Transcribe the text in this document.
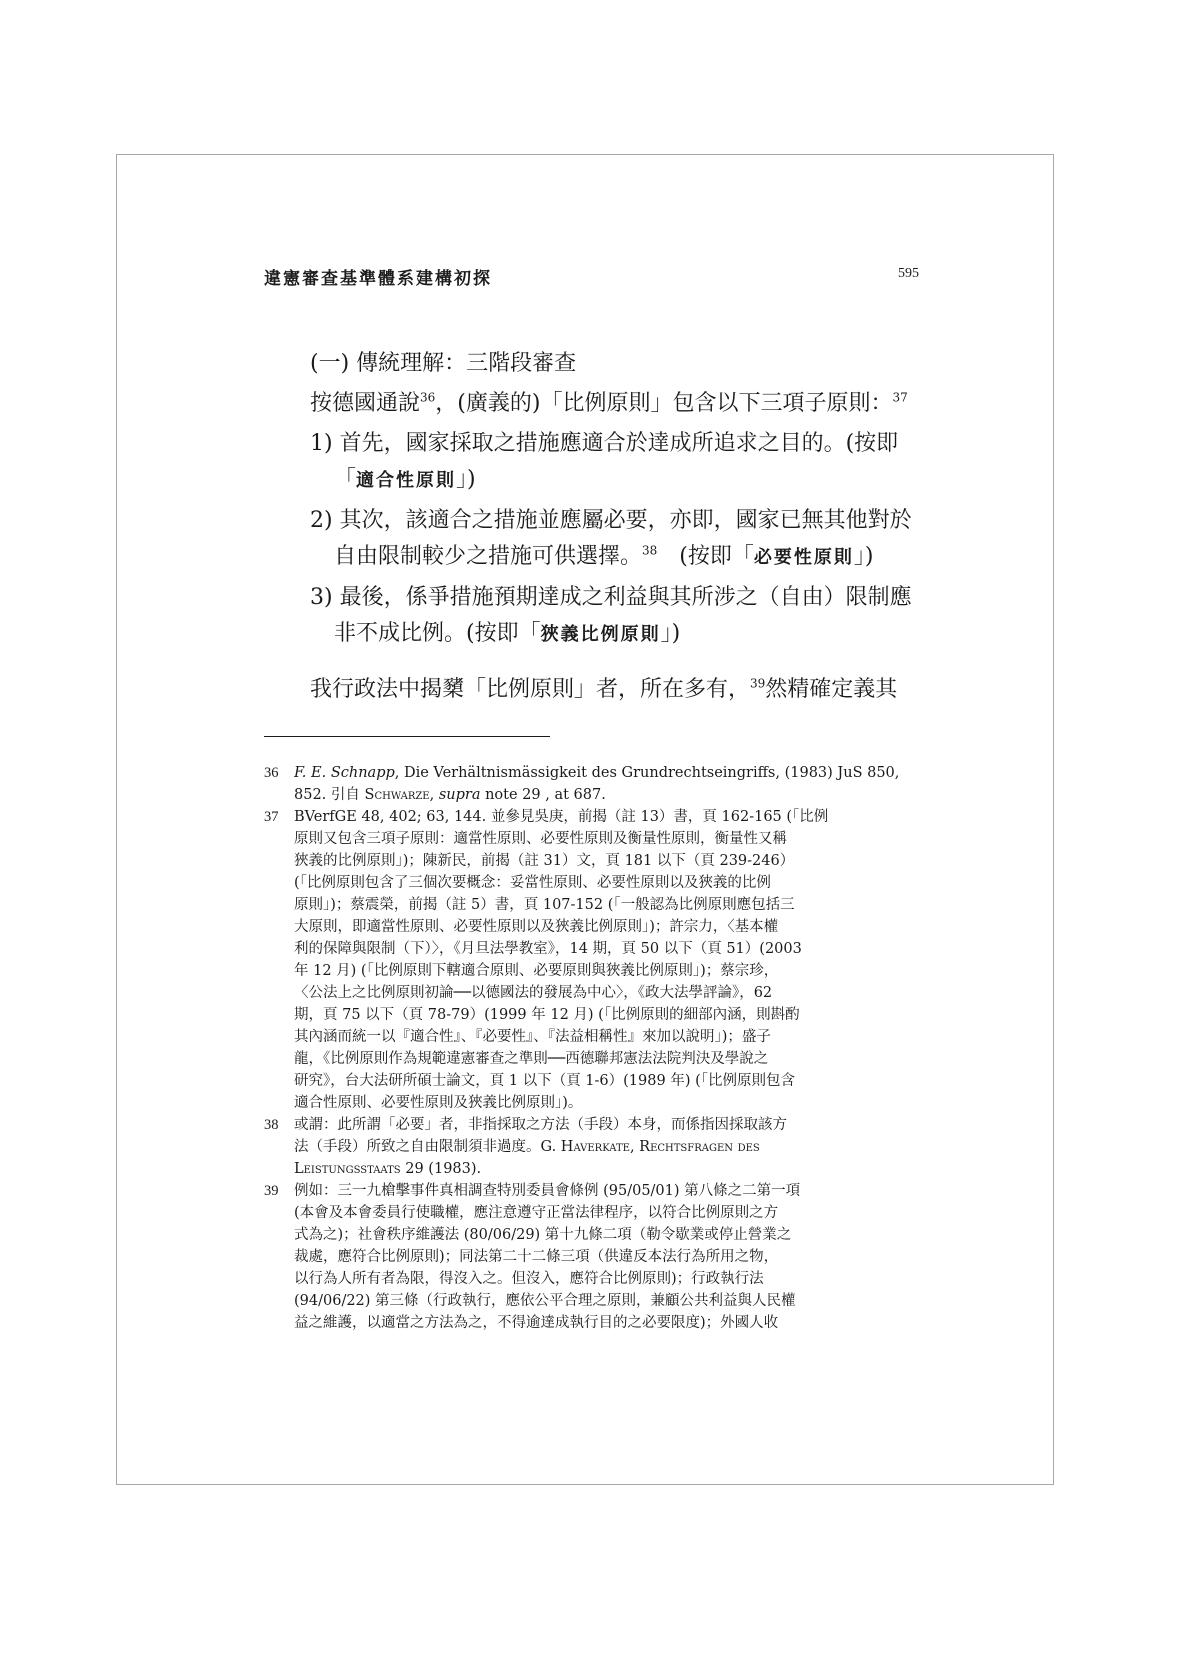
違憲審查基準體系建構初探	595
(一) 傳統理解：三階段審查

按德國通說$^{36}$，(廣義的)「比例原則」包含以下三項子原則：$^{37}$

1) 首先，國家採取之措施應適合於達成所追求之目的。(按即
「適合性原則」)

2) 其次，該適合之措施並應屬必要，亦即，國家已無其他對於
自由限制較少之措施可供選擇。$^{38}$　(按即「必要性原則」)

3) 最後，係爭措施預期達成之利益與其所涉之（自由）限制應
非不成比例。(按即「狹義比例原則」)

我行政法中揭櫫「比例原則」者，所在多有，$^{39}$然精確定義其
36	F. E. Schnapp, Die Verhältnismässigkeit des Grundrechtseingriffs, (1983) JuS 850,
852. 引自 Schwarze, supra note 29 , at 687.
37	BVerfGE 48, 402; 63, 144. 並參見吳庚，前揭（註 13）書，頁 162-165 (「比例
原則又包含三項子原則：適當性原則、必要性原則及衡量性原則，衡量性又稱
狹義的比例原則」)；陳新民，前揭（註 31）文，頁 181 以下（頁 239-246）
(「比例原則包含了三個次要概念：妥當性原則、必要性原則以及狹義的比例
原則」)；蔡震榮，前揭（註 5）書，頁 107-152 (「一般認為比例原則應包括三
大原則，即適當性原則、必要性原則以及狹義比例原則」)；許宗力，〈基本權
利的保障與限制（下）〉，《月旦法學教室》，14 期，頁 50 以下（頁 51）(2003
年 12 月) (「比例原則下轄適合原則、必要原則與狹義比例原則」)；蔡宗珍，
〈公法上之比例原則初論──以德國法的發展為中心〉，《政大法學評論》，62
期，頁 75 以下（頁 78-79）(1999 年 12 月) (「比例原則的細部內涵，則斟酌
其內涵而統一以『適合性』、『必要性』、『法益相稱性』來加以說明」)；盛子
龍，《比例原則作為規範違憲審查之準則──西德聯邦憲法法院判決及學說之
研究》，台大法研所碩士論文，頁 1 以下（頁 1-6）(1989 年) (「比例原則包含
適合性原則、必要性原則及狹義比例原則」)。
38	或謂：此所謂「必要」者，非指採取之方法（手段）本身，而係指因採取該方
法（手段）所致之自由限制須非過度。G. Haverkate, Rechtsfragen des
Leistungsstaats 29 (1983).
39	例如：三一九槍擊事件真相調查特別委員會條例 (95/05/01) 第八條之二第一項
(本會及本會委員行使職權，應注意遵守正當法律程序，以符合比例原則之方
式為之)；社會秩序維護法 (80/06/29) 第十九條二項（勒令歇業或停止營業之
裁處，應符合比例原則)；同法第二十二條三項（供違反本法行為所用之物，
以行為人所有者為限，得沒入之。但沒入，應符合比例原則)；行政執行法
(94/06/22) 第三條（行政執行，應依公平合理之原則，兼顧公共利益與人民權
益之維護，以適當之方法為之，不得逾達成執行目的之必要限度)；外國人收
